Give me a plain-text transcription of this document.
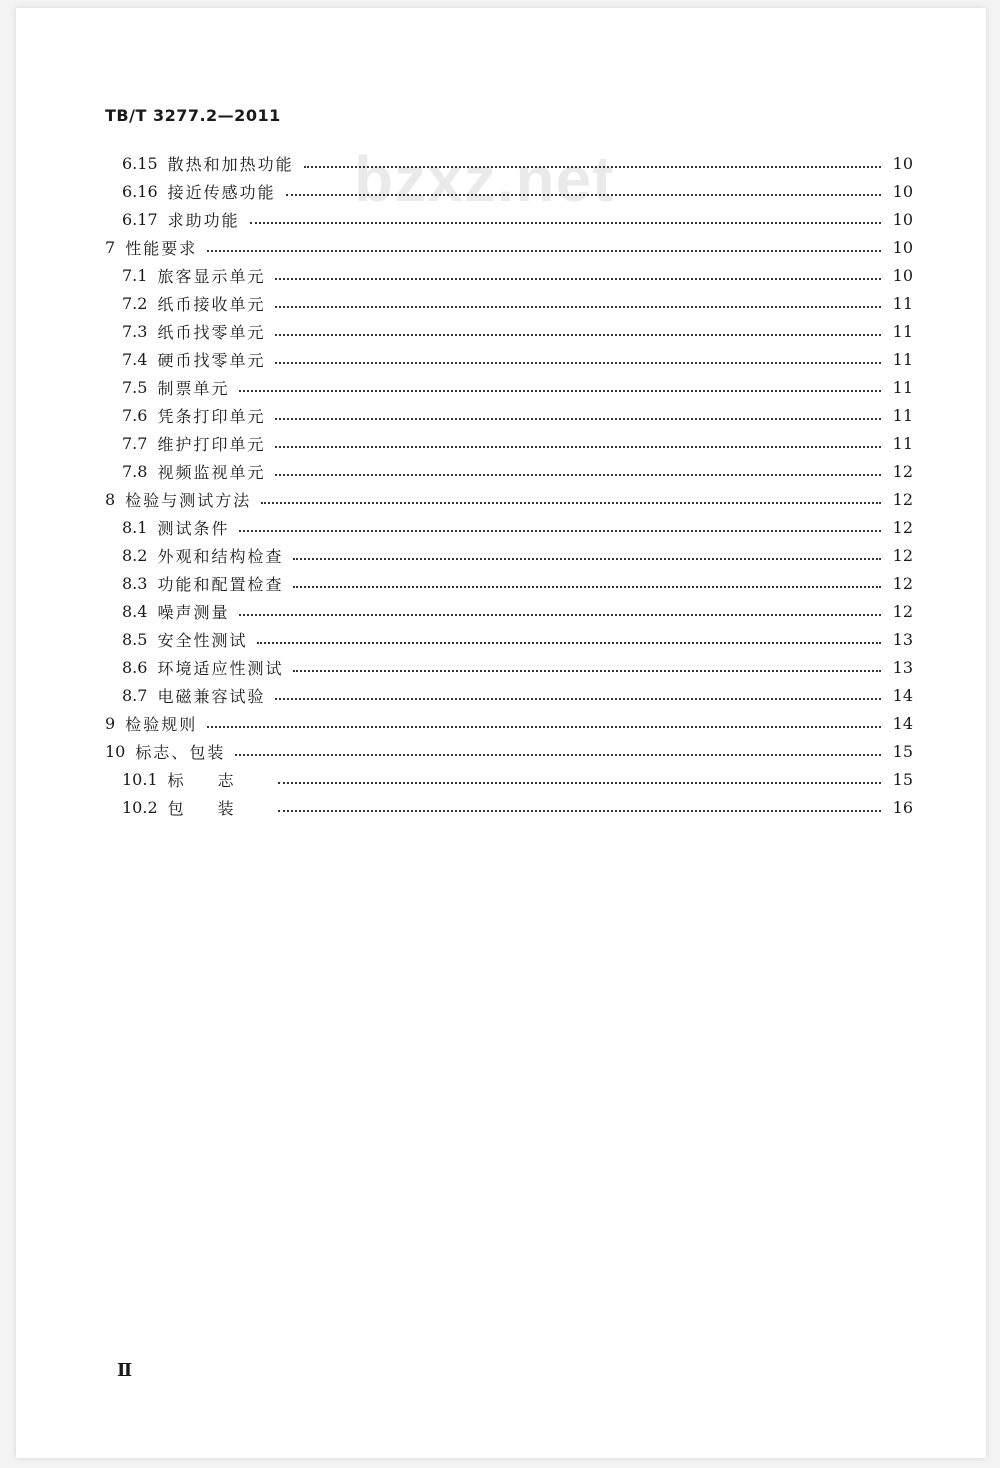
TB/T 3277.2—2011
bzxz.net
6.15 散热和加热功能	10
6.16 接近传感功能	10
6.17 求助功能	10
7 性能要求	10
7.1 旅客显示单元	10
7.2 纸币接收单元	11
7.3 纸币找零单元	11
7.4 硬币找零单元	11
7.5 制票单元	11
7.6 凭条打印单元	11
7.7 维护打印单元	11
7.8 视频监视单元	12
8 检验与测试方法	12
8.1 测试条件	12
8.2 外观和结构检查	12
8.3 功能和配置检查	12
8.4 噪声测量	12
8.5 安全性测试	13
8.6 环境适应性测试	13
8.7 电磁兼容试验	14
9 检验规则	14
10 标志、包装	15
10.1 标志	15
10.2 包装	16
Ⅱ
